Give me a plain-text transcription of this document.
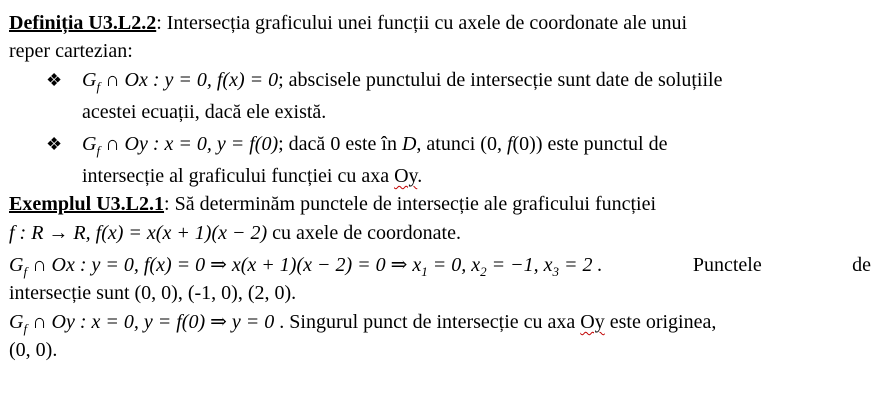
Definiția U3.L2.2: Intersecția graficului unei funcții cu axele de coordonate ale unui
reper cartezian:
❖ $G_f$ ∩ Ox : y = 0, f(x) = 0; abscisele punctului de intersecție sunt date de soluțiile
acestei ecuații, dacă ele există.
❖ $G_f$ ∩ Oy : x = 0, y = f(0); dacă 0 este în D, atunci (0, f(0)) este punctul de
intersecție al graficului funcției cu axa Oy.
Exemplul U3.L2.1: Să determinăm punctele de intersecție ale graficului funcției
f : R → R, f(x) = x(x + 1)(x − 2) cu axele de coordonate.
$G_f$ ∩ Ox : y = 0, f(x) = 0 ⇒ x(x + 1)(x − 2) = 0 ⇒ $x_1 = 0$, $x_2 = -1$, $x_3 = 2$ .	Punctele	de
intersecție sunt (0, 0), (-1, 0), (2, 0).
$G_f$ ∩ Oy : x = 0, y = f(0) ⇒ y = 0 . Singurul punct de intersecție cu axa Oy este originea,
(0, 0).
